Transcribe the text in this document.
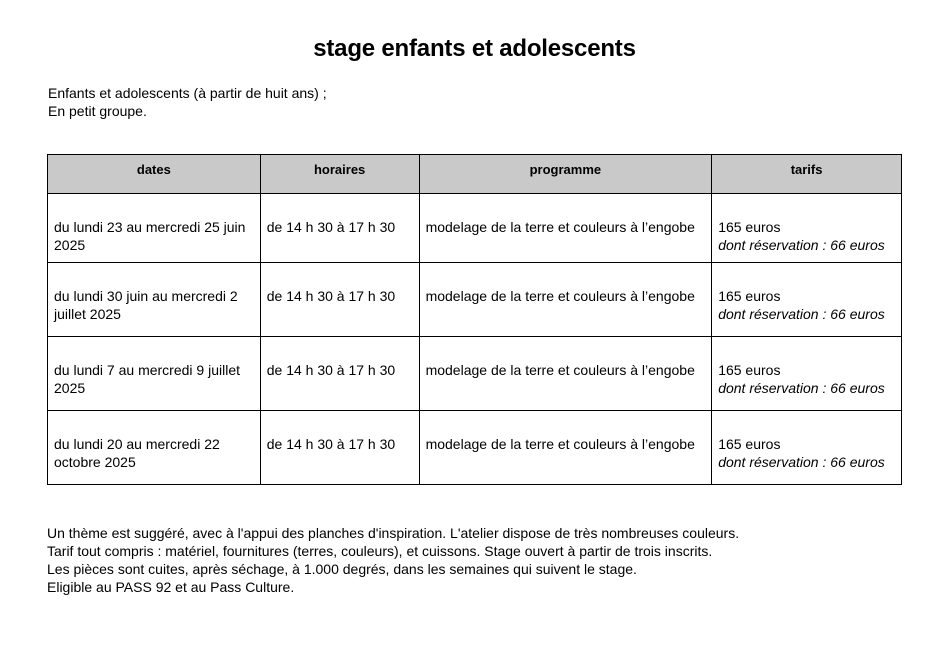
stage enfants et adolescents
Enfants et adolescents (à partir de huit ans) ;
En petit groupe.
dates	horaires	programme	tarifs

du lundi 23 au mercredi 25 juin 2025	de 14 h 30 à 17 h 30	modelage de la terre et couleurs à l’engobe	165 euros
dont réservation : 66 euros

du lundi 30 juin au mercredi 2 juillet 2025	de 14 h 30 à 17 h 30	modelage de la terre et couleurs à l’engobe	165 euros
dont réservation : 66 euros

du lundi 7 au mercredi 9 juillet 2025	de 14 h 30 à 17 h 30	modelage de la terre et couleurs à l’engobe	165 euros
dont réservation : 66 euros

du lundi 20 au mercredi 22 octobre 2025	de 14 h 30 à 17 h 30	modelage de la terre et couleurs à l’engobe	165 euros
dont réservation : 66 euros
Un thème est suggéré, avec à l'appui des planches d'inspiration. L'atelier dispose de très nombreuses couleurs.
Tarif tout compris : matériel, fournitures (terres, couleurs), et cuissons. Stage ouvert à partir de trois inscrits.
Les pièces sont cuites, après séchage, à 1.000 degrés, dans les semaines qui suivent le stage.
Eligible au PASS 92 et au Pass Culture.
